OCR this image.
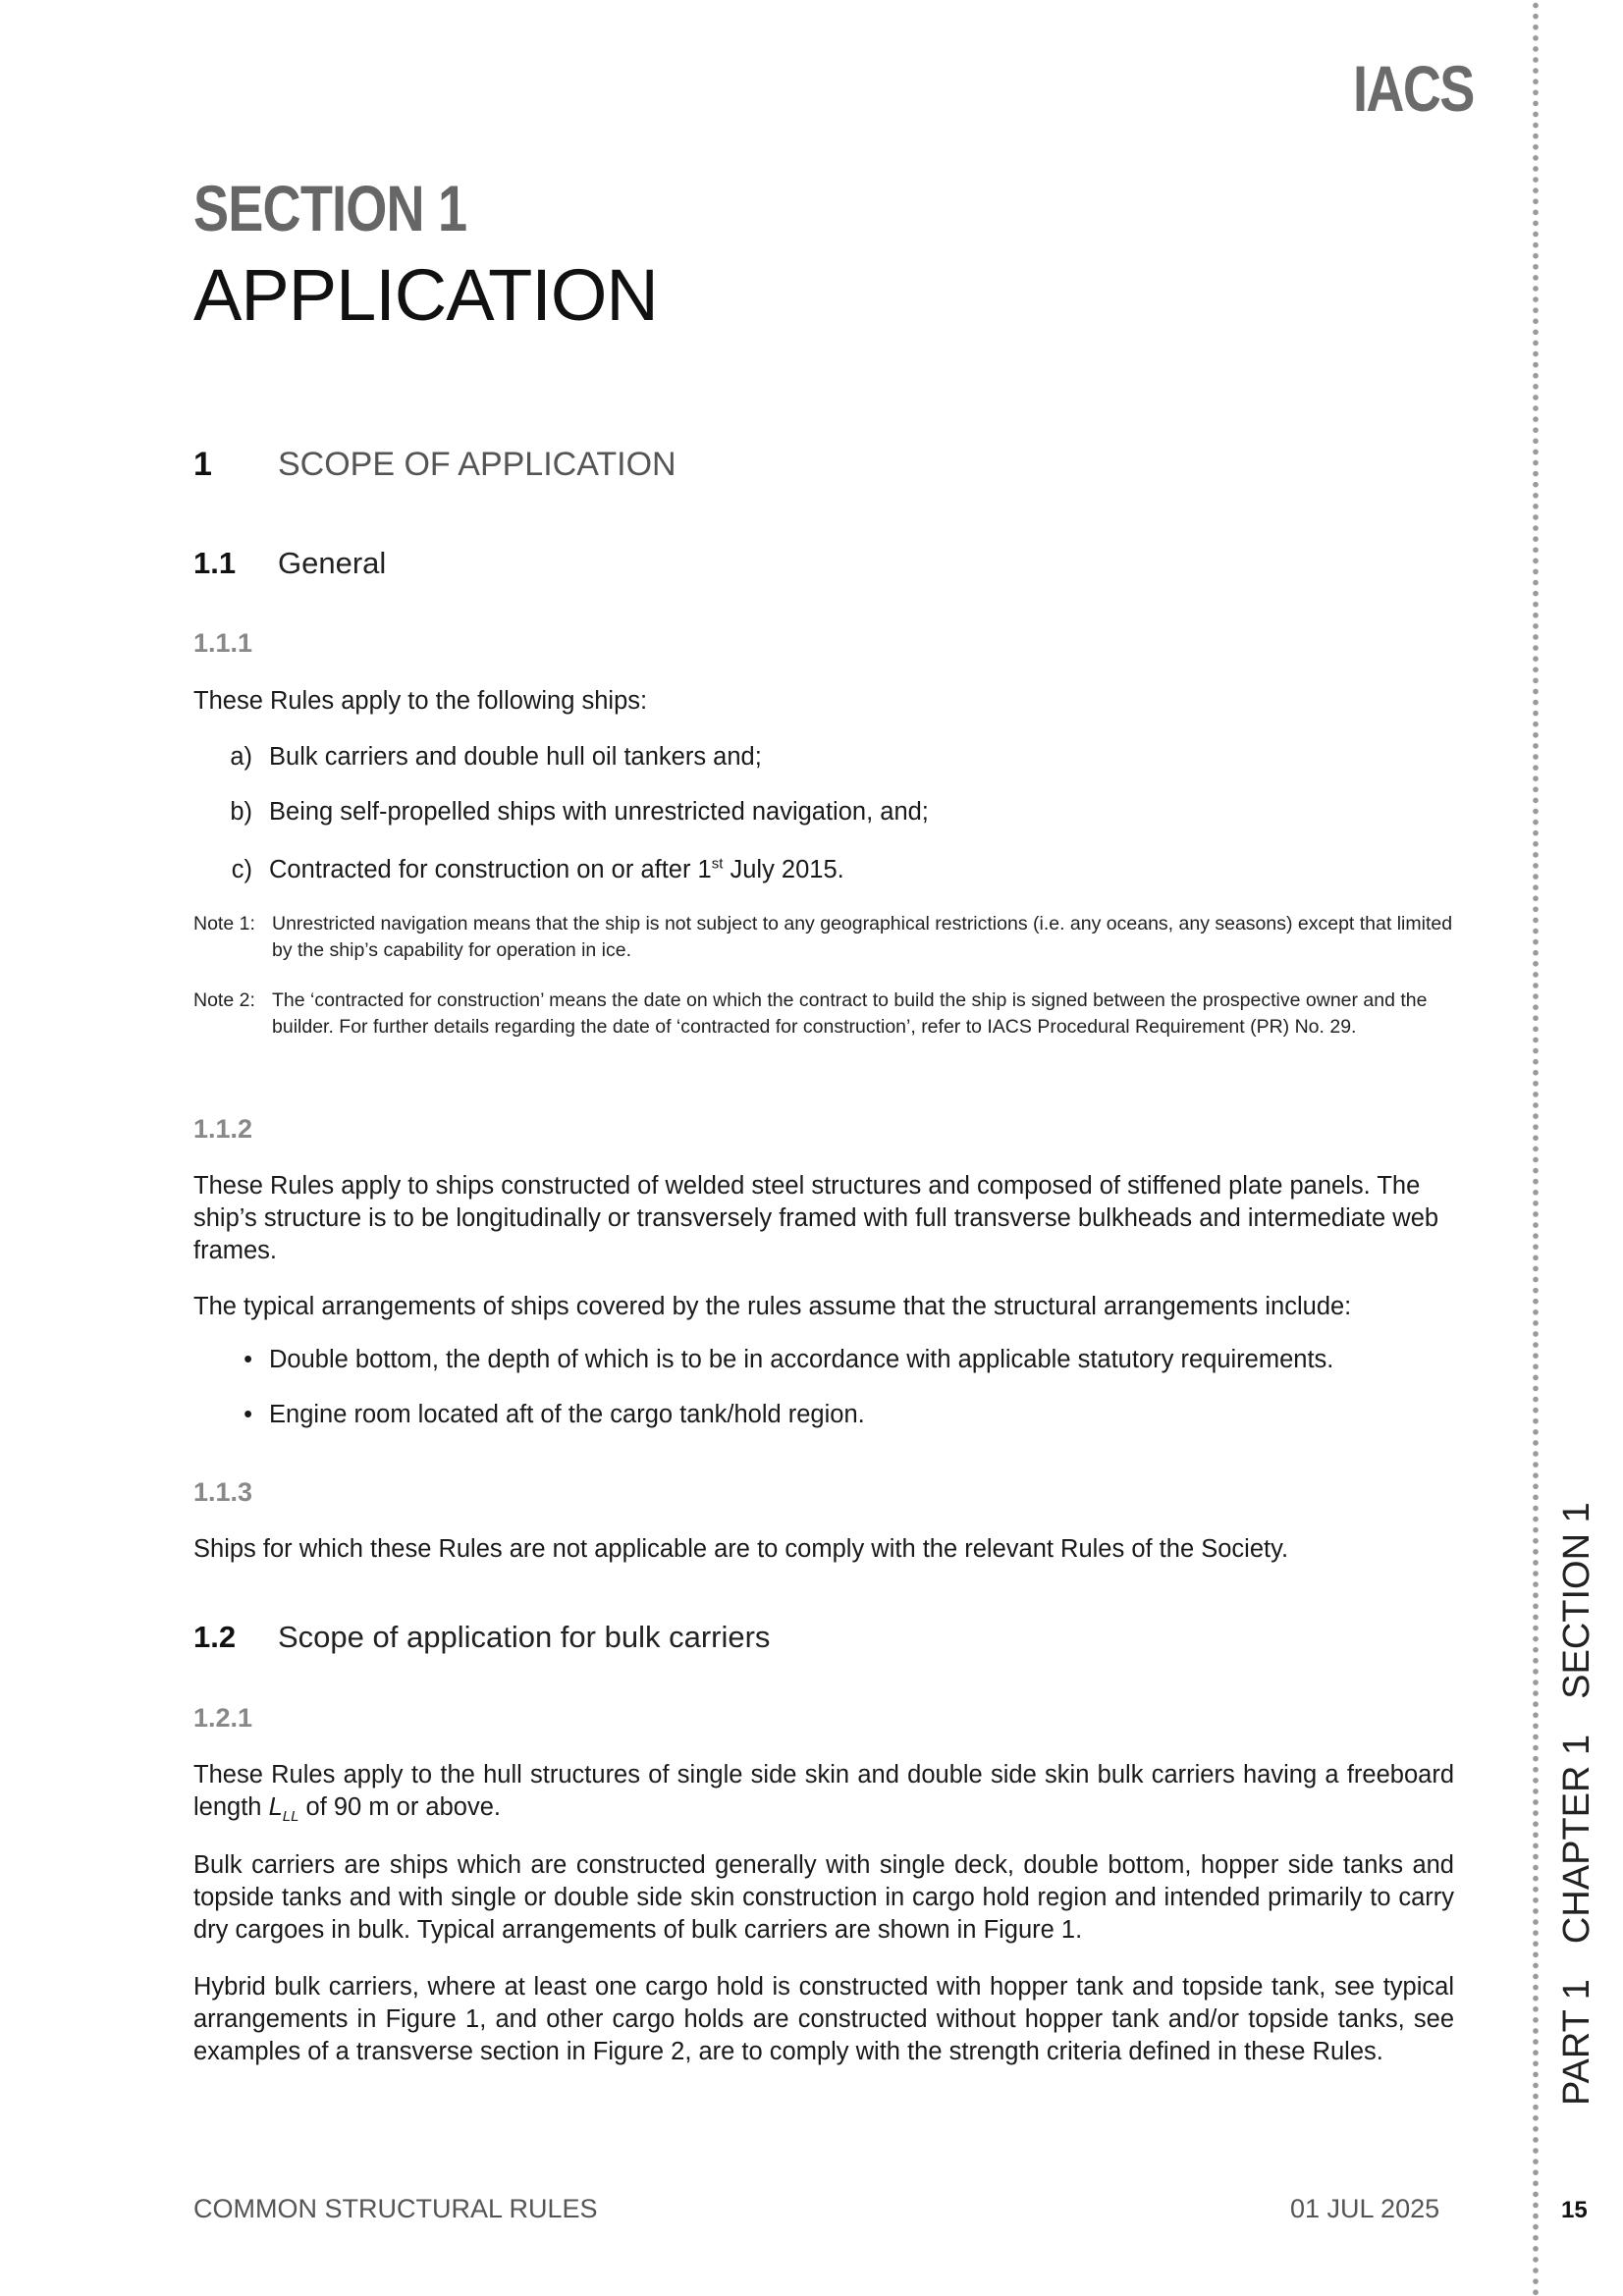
IACS
PART 1CHAPTER 1SECTION 1
SECTION 1
APPLICATION
1 SCOPE OF APPLICATION
1.1 General
1.1.1
These Rules apply to the following ships:
a) Bulk carriers and double hull oil tankers and;
b) Being self-propelled ships with unrestricted navigation, and;
c) Contracted for construction on or after 1st July 2015.
Note 1: Unrestricted navigation means that the ship is not subject to any geographical restrictions (i.e. any oceans, any seasons) except that limited by the ship’s capability for operation in ice.
Note 2: The ‘contracted for construction’ means the date on which the contract to build the ship is signed between the prospective owner and the builder. For further details regarding the date of ‘contracted for construction’, refer to IACS Procedural Requirement (PR) No. 29.
1.1.2
These Rules apply to ships constructed of welded steel structures and composed of stiffened plate panels. The ship’s structure is to be longitudinally or transversely framed with full transverse bulkheads and intermediate web frames.
The typical arrangements of ships covered by the rules assume that the structural arrangements include:
• Double bottom, the depth of which is to be in accordance with applicable statutory requirements.
• Engine room located aft of the cargo tank/hold region.
1.1.3
Ships for which these Rules are not applicable are to comply with the relevant Rules of the Society.
1.2 Scope of application for bulk carriers
1.2.1
These Rules apply to the hull structures of single side skin and double side skin bulk carriers having a freeboard length $L_{LL}$ of 90 m or above.
Bulk carriers are ships which are constructed generally with single deck, double bottom, hopper side tanks and topside tanks and with single or double side skin construction in cargo hold region and intended primarily to carry dry cargoes in bulk. Typical arrangements of bulk carriers are shown in Figure 1.
Hybrid bulk carriers, where at least one cargo hold is constructed with hopper tank and topside tank, see typical arrangements in Figure 1, and other cargo holds are constructed without hopper tank and/or topside tanks, see examples of a transverse section in Figure 2, are to comply with the strength criteria defined in these Rules.
COMMON STRUCTURAL RULES	01 JUL 2025	15
